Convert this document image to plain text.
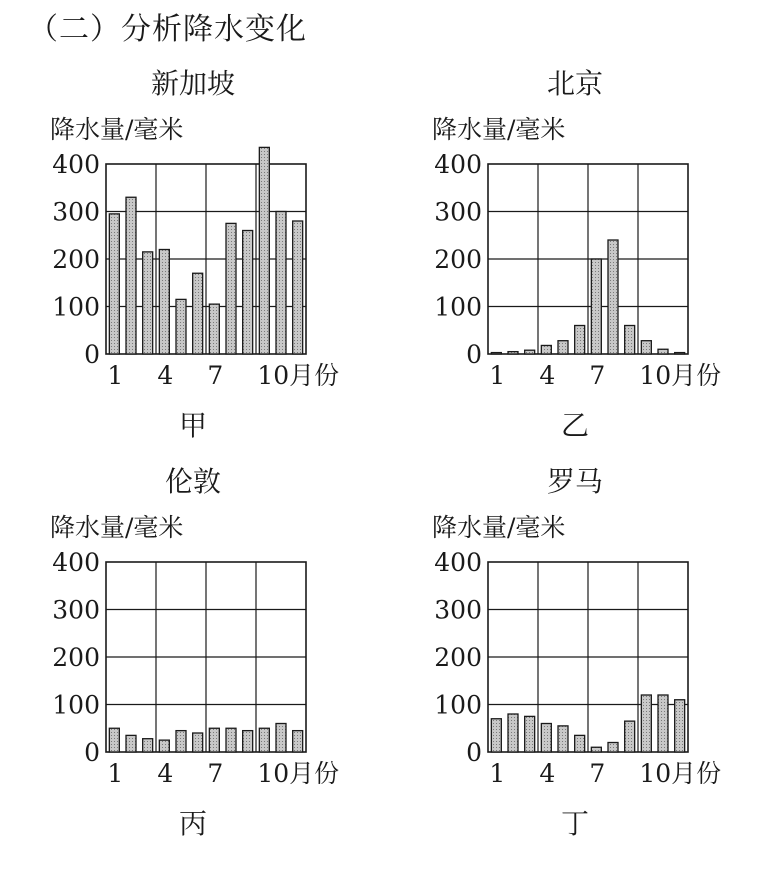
（二）分析降水变化
新加坡
降水量/毫米
0
100
200
300
400
1 4 7 10月份
甲
北京
降水量/毫米
0
100
200
300
400
1 4 7 10月份
乙
伦敦
降水量/毫米
0
100
200
300
400
1 4 7 10月份
丙
罗马
降水量/毫米
0
100
200
300
400
1 4 7 10月份
丁
